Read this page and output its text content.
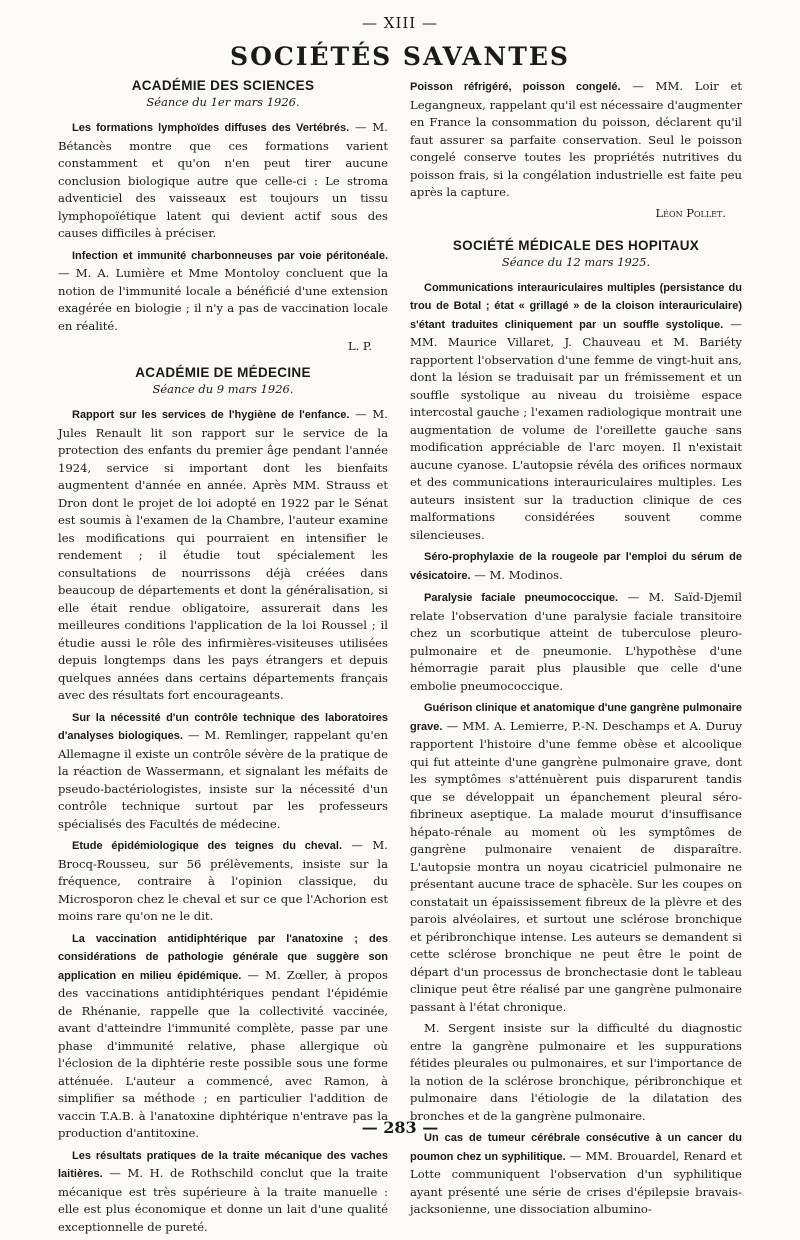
— XIII —
SOCIÉTÉS SAVANTES
ACADÉMIE DES SCIENCES
Séance du 1er mars 1926.

Les formations lymphoïdes diffuses des Vertébrés. — M. Bétancès montre que ces formations varient constamment et qu'on n'en peut tirer aucune conclusion biologique autre que celle-ci : Le stroma adventiciel des vaisseaux est toujours un tissu lymphopoïétique latent qui devient actif sous des causes difficiles à préciser.

Infection et immunité charbonneuses par voie péritonéale.— M. A. Lumière et Mme Montoloy concluent que la notion de l'immunité locale a bénéficié d'une extension exagérée en biologie ; il n'y a pas de vaccination locale en réalité.

L. P.
ACADÉMIE DE MÉDECINE
Séance du 9 mars 1926.

Rapport sur les services de l'hygiène de l'enfance. — M. Jules Renault lit son rapport sur le service de la protection des enfants du premier âge pendant l'année 1924, service si important dont les bienfaits augmentent d'année en année. Après MM. Strauss et Dron dont le projet de loi adopté en 1922 par le Sénat est soumis à l'examen de la Chambre, l'auteur examine les modifications qui pourraient en intensifier le rendement ; il étudie tout spécialement les consultations de nourrissons déjà créées dans beaucoup de départements et dont la généralisation, si elle était rendue obligatoire, assurerait dans les meilleures conditions l'application de la loi Roussel ; il étudie aussi le rôle des infirmières-visiteuses utilisées depuis longtemps dans les pays étrangers et depuis quelques années dans certains départements français avec des résultats fort encourageants.

Sur la nécessité d'un contrôle technique des laboratoires d'analyses biologiques. — M. Remlinger, rappelant qu'en Allemagne il existe un contrôle sévère de la pratique de la réaction de Wassermann, et signalant les méfaits de pseudo-bactériologistes, insiste sur la nécessité d'un contrôle technique surtout par les professeurs spécialisés des Facultés de médecine.

Etude épidémiologique des teignes du cheval. — M. Brocq-Rousseu, sur 56 prélèvements, insiste sur la fréquence, contraire à l'opinion classique, du Microsporon chez le cheval et sur ce que l'Achorion est moins rare qu'on ne le dit.

La vaccination antidiphtérique par l'anatoxine ; des considérations de pathologie générale que suggère son application en milieu épidémique. — M. Zœller, à propos des vaccinations antidiphtériques pendant l'épidémie de Rhénanie, rappelle que la collectivité vaccinée, avant d'atteindre l'immunité complète, passe par une phase d'immunité relative, phase allergique où l'éclosion de la diphtérie reste possible sous une forme atténuée. L'auteur a commencé, avec Ramon, à simplifier sa méthode ; en particulier l'addition de vaccin T.A.B. à l'anatoxine diphtérique n'entrave pas la production d'antitoxine.

Les résultats pratiques de la traite mécanique des vaches laitières. — M. H. de Rothschild conclut que la traite mécanique est très supérieure à la traite manuelle : elle est plus économique et donne un lait d'une qualité exceptionnelle de pureté.

Poisson réfrigéré, poisson congelé. — MM. Loir et Legangneux, rappelant qu'il est nécessaire d'augmenter en France la consommation du poisson, déclarent qu'il faut assurer sa parfaite conservation. Seul le poisson congelé conserve toutes les propriétés nutritives du poisson frais, si la congélation industrielle est faite peu après la capture.

Léon Pollet.
SOCIÉTÉ MÉDICALE DES HOPITAUX
Séance du 12 mars 1925.

Communications interauriculaires multiples (persistance du trou de Botal ; état « grillagé » de la cloison interauriculaire) s'étant traduites cliniquement par un souffle systolique. — MM. Maurice Villaret, J. Chauveau et M. Bariéty rapportent l'observation d'une femme de vingt-huit ans, dont la lésion se traduisait par un frémissement et un souffle systolique au niveau du troisième espace intercostal gauche ; l'examen radiologique montrait une augmentation de volume de l'oreillette gauche sans modification appréciable de l'arc moyen. Il n'existait aucune cyanose. L'autopsie révéla des orifices normaux et des communications interauriculaires multiples. Les auteurs insistent sur la traduction clinique de ces malformations considérées souvent comme silencieuses.

Séro-prophylaxie de la rougeole par l'emploi du sérum de vésicatoire. — M. Modinos.

Paralysie faciale pneumococcique. — M. Saïd-Djemil relate l'observation d'une paralysie faciale transitoire chez un scorbutique atteint de tuberculose pleuro-pulmonaire et de pneumonie. L'hypothèse d'une hémorragie parait plus plausible que celle d'une embolie pneumococcique.

Guérison clinique et anatomique d'une gangrène pulmonaire grave. — MM. A. Lemierre, P.-N. Deschamps et A. Duruy rapportent l'histoire d'une femme obèse et alcoolique qui fut atteinte d'une gangrène pulmonaire grave, dont les symptômes s'atténuèrent puis disparurent tandis que se développait un épanchement pleural séro-fibrineux aseptique. La malade mourut d'insuffisance hépato-rénale au moment où les symptômes de gangrène pulmonaire venaient de disparaître. L'autopsie montra un noyau cicatriciel pulmonaire ne présentant aucune trace de sphacèle. Sur les coupes on constatait un épaississement fibreux de la plèvre et des parois alvéolaires, et surtout une sclérose bronchique et péribronchique intense. Les auteurs se demandent si cette sclérose bronchique ne peut être le point de départ d'un processus de bronchectasie dont le tableau clinique peut être réalisé par une gangrène pulmonaire passant à l'état chronique.

M. Sergent insiste sur la difficulté du diagnostic entre la gangrène pulmonaire et les suppurations fétides pleurales ou pulmonaires, et sur l'importance de la notion de la sclérose bronchique, péribronchique et pulmonaire dans l'étiologie de la dilatation des bronches et de la gangrène pulmonaire.

Un cas de tumeur cérébrale consécutive à un cancer du poumon chez un syphilitique. — MM. Brouardel, Renard et Lotte communiquent l'observation d'un syphilitique ayant présenté une série de crises d'épilepsie bravais-jacksonienne, une dissociation albumino-

— 283 —
